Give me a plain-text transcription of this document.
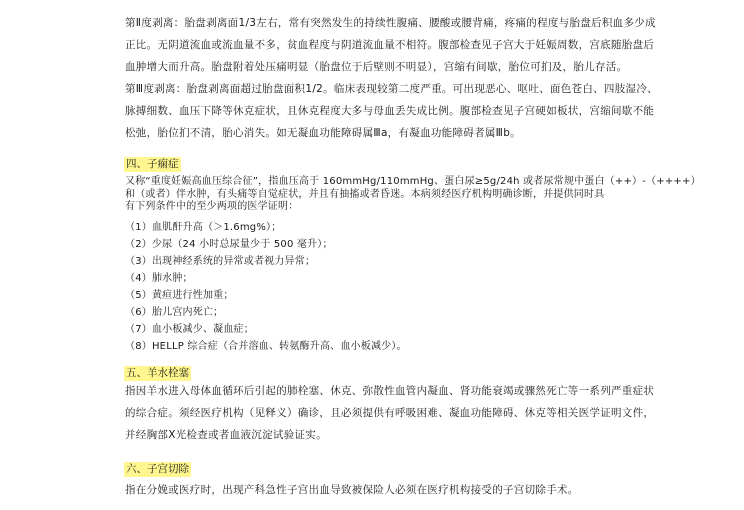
第Ⅱ度剥离：胎盘剥离面1/3左右，常有突然发生的持续性腹痛、腰酸或腰背痛，疼痛的程度与胎盘后积血多少成
正比。无阴道流血或流血量不多，贫血程度与阴道流血量不相符。腹部检查见子宫大于妊娠周数，宫底随胎盘后
血肿增大而升高。胎盘附着处压痛明显（胎盘位于后壁则不明显），宫缩有间歇，胎位可扪及，胎儿存活。
第Ⅲ度剥离：胎盘剥离面超过胎盘面积1/2。临床表现较第二度严重。可出现恶心、呕吐、面色苍白、四肢湿冷、
脉搏细数、血压下降等休克症状，且休克程度大多与母血丢失成比例。腹部检查见子宫硬如板状，宫缩间歇不能
松弛，胎位扪不清，胎心消失。如无凝血功能障碍属Ⅲa，有凝血功能障碍者属Ⅲb。
四、子痫症
又称“重度妊娠高血压综合征”，指血压高于 160mmHg/110mmHg、蛋白尿≥5g/24h 或者尿常规中蛋白（++）-（++++）
和（或者）伴水肿，有头痛等自觉症状，并且有抽搐或者昏迷。本病须经医疗机构明确诊断，并提供同时具
有下列条件中的至少两项的医学证明：
（1）血肌酐升高（＞1.6mg%）；
（2）少尿（24 小时总尿量少于 500 毫升）；
（3）出现神经系统的异常或者视力异常；
（4）肺水肿；
（5）黄疸进行性加重；
（6）胎儿宫内死亡；
（7）血小板减少、凝血症；
（8）HELLP 综合症（合并溶血、转氨酶升高、血小板减少）。
五、羊水栓塞
指因羊水进入母体血循环后引起的肺栓塞、休克、弥散性血管内凝血、肾功能衰竭或骤然死亡等一系列严重症状
的综合症。须经医疗机构（见释义）确诊，且必须提供有呼吸困难、凝血功能障碍、休克等相关医学证明文件，
并经胸部X光检查或者血液沉淀试验证实。
六、子宫切除
指在分娩或医疗时，出现产科急性子宫出血导致被保险人必须在医疗机构接受的子宫切除手术。
